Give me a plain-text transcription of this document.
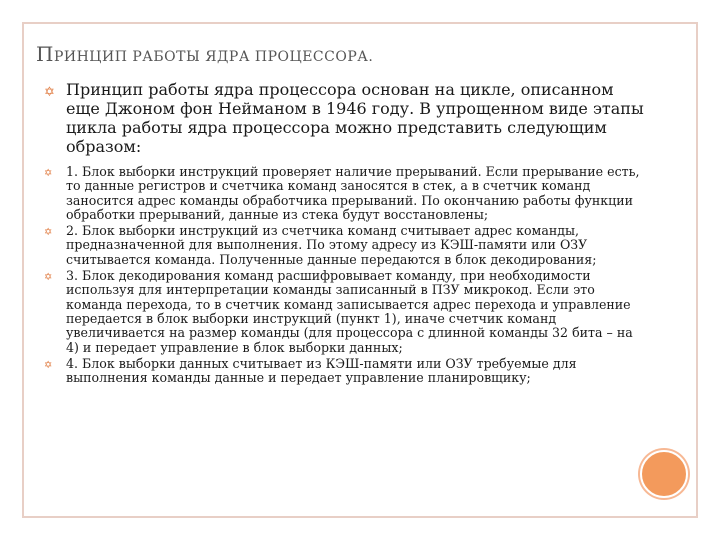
ПРИНЦИП РАБОТЫ ЯДРА ПРОЦЕССОРА.
✡ Принцип работы ядра процессора основан на цикле, описанном еще Джоном фон Нейманом в 1946 году. В упрощенном виде этапы цикла работы ядра процессора можно представить следующим образом:
✡ 1. Блок выборки инструкций проверяет наличие прерываний. Если прерывание есть, то данные регистров и счетчика команд заносятся в стек, а в счетчик команд заносится адрес команды обработчика прерываний. По окончанию работы функции обработки прерываний, данные из стека будут восстановлены;
✡ 2. Блок выборки инструкций из счетчика команд считывает адрес команды, предназначенной для выполнения. По этому адресу из КЭШ-памяти или ОЗУ считывается команда. Полученные данные передаются в блок декодирования;
✡ 3. Блок декодирования команд расшифровывает команду, при необходимости используя для интерпретации команды записанный в ПЗУ микрокод. Если это команда перехода, то в счетчик команд записывается адрес перехода и управление передается в блок выборки инструкций (пункт 1), иначе счетчик команд увеличивается на размер команды (для процессора с длинной команды 32 бита – на 4) и передает управление в блок выборки данных;
✡ 4. Блок выборки данных считывает из КЭШ-памяти или ОЗУ требуемые для выполнения команды данные и передает управление планировщику;
